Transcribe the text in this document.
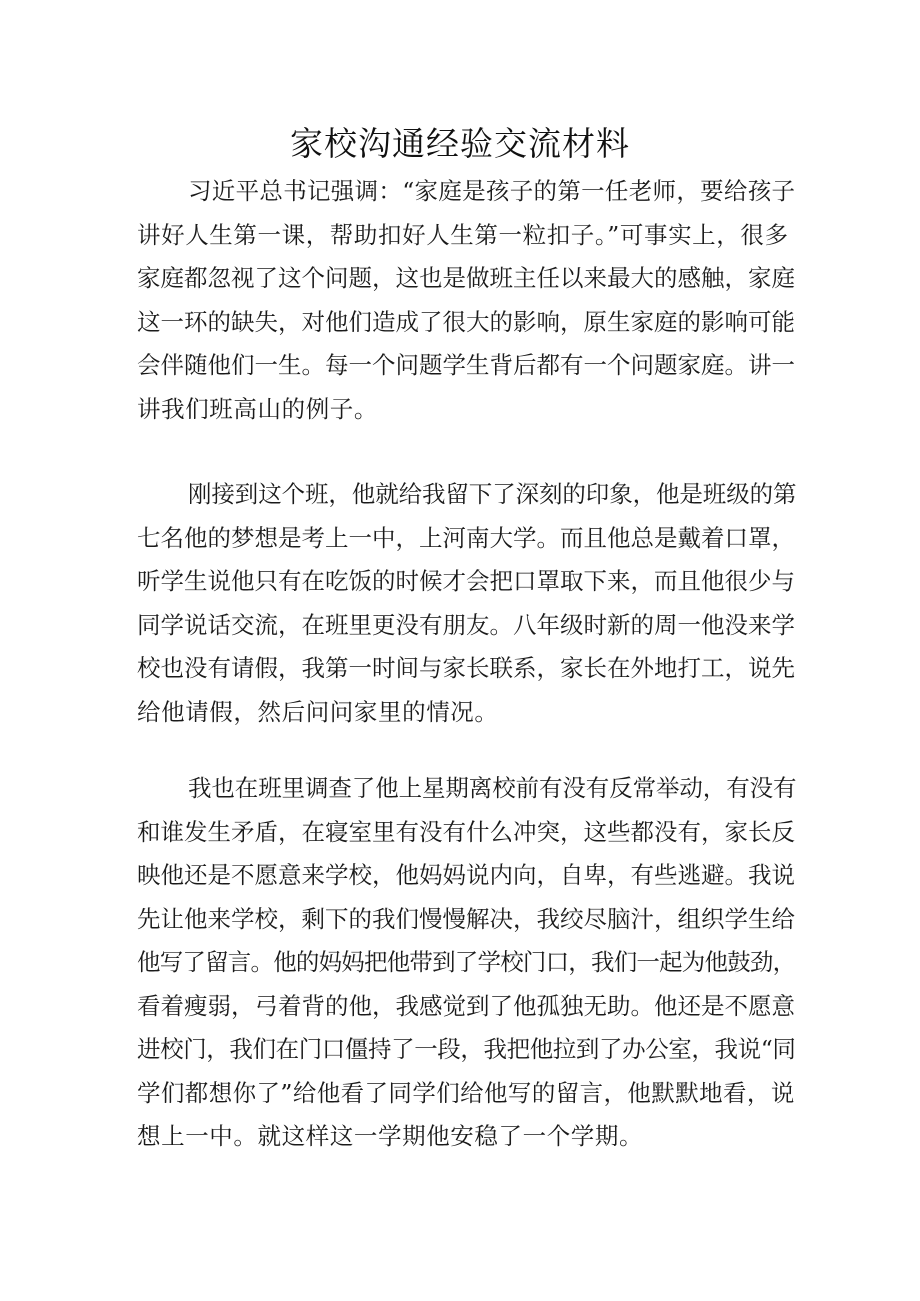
家校沟通经验交流材料
习近平总书记强调：“家庭是孩子的第一任老师，要给孩子
讲好人生第一课，帮助扣好人生第一粒扣子。”可事实上，很多
家庭都忽视了这个问题，这也是做班主任以来最大的感触，家庭
这一环的缺失，对他们造成了很大的影响，原生家庭的影响可能
会伴随他们一生。每一个问题学生背后都有一个问题家庭。讲一
讲我们班高山的例子。
刚接到这个班，他就给我留下了深刻的印象，他是班级的第
七名他的梦想是考上一中，上河南大学。而且他总是戴着口罩，
听学生说他只有在吃饭的时候才会把口罩取下来，而且他很少与
同学说话交流，在班里更没有朋友。八年级时新的周一他没来学
校也没有请假，我第一时间与家长联系，家长在外地打工，说先
给他请假，然后问问家里的情况。
我也在班里调查了他上星期离校前有没有反常举动，有没有
和谁发生矛盾，在寝室里有没有什么冲突，这些都没有，家长反
映他还是不愿意来学校，他妈妈说内向，自卑，有些逃避。我说
先让他来学校，剩下的我们慢慢解决，我绞尽脑汁，组织学生给
他写了留言。他的妈妈把他带到了学校门口，我们一起为他鼓劲，
看着瘦弱，弓着背的他，我感觉到了他孤独无助。他还是不愿意
进校门，我们在门口僵持了一段，我把他拉到了办公室，我说“同
学们都想你了”给他看了同学们给他写的留言，他默默地看，说
想上一中。就这样这一学期他安稳了一个学期。
